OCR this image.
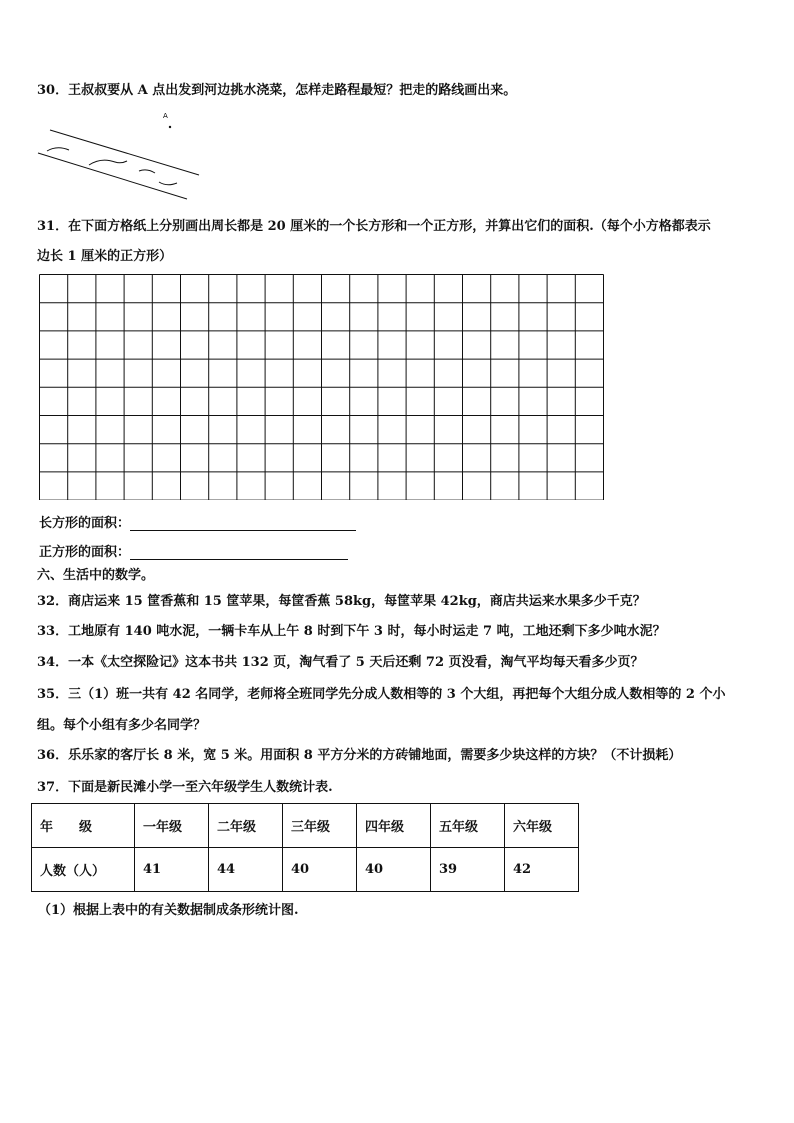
30．王叔叔要从 A 点出发到河边挑水浇菜，怎样走路程最短？把走的路线画出来。
A
31．在下面方格纸上分别画出周长都是 20 厘米的一个长方形和一个正方形，并算出它们的面积.（每个小方格都表示
边长 1 厘米的正方形）
长方形的面积：
正方形的面积：
六、生活中的数学。
32．商店运来 15 筐香蕉和 15 筐苹果，每筐香蕉 58kg，每筐苹果 42kg，商店共运来水果多少千克？
33．工地原有 140 吨水泥，一辆卡车从上午 8 时到下午 3 时，每小时运走 7 吨，工地还剩下多少吨水泥？
34．一本《太空探险记》这本书共 132 页，淘气看了 5 天后还剩 72 页没看，淘气平均每天看多少页？
35．三（1）班一共有 42 名同学，老师将全班同学先分成人数相等的 3 个大组，再把每个大组分成人数相等的 2 个小
组。每个小组有多少名同学？
36．乐乐家的客厅长 8 米，宽 5 米。用面积 8 平方分米的方砖铺地面，需要多少块这样的方块？（不计损耗）
37．下面是新民滩小学一至六年级学生人数统计表.
年　　级	一年级	二年级	三年级	四年级	五年级	六年级
人数（人）	41	44	40	40	39	42
（1）根据上表中的有关数据制成条形统计图.
